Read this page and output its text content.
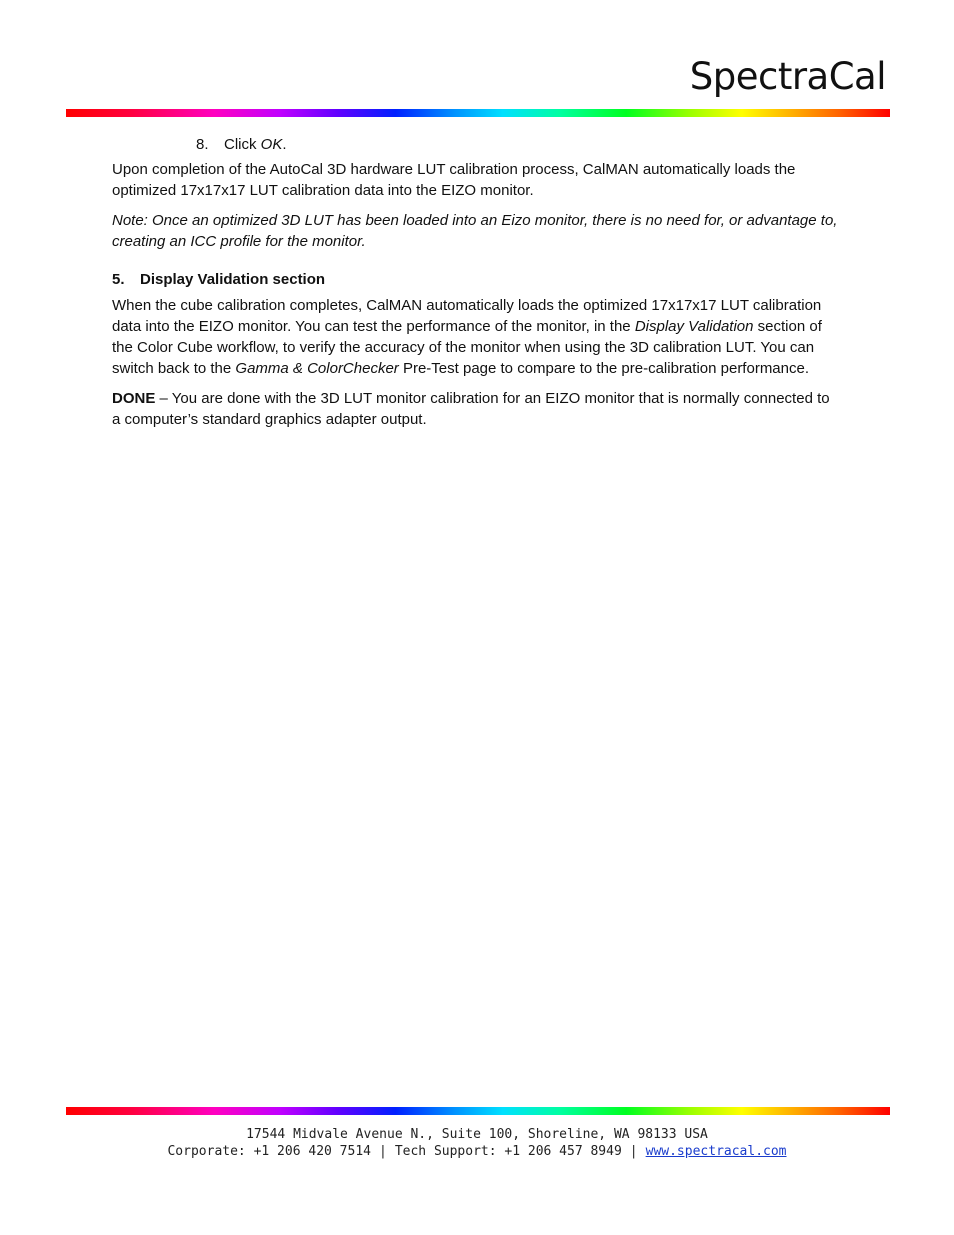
SpectraCal

8. Click OK.

Upon completion of the AutoCal 3D hardware LUT calibration process, CalMAN automatically loads the optimized 17x17x17 LUT calibration data into the EIZO monitor.

Note: Once an optimized 3D LUT has been loaded into an Eizo monitor, there is no need for, or advantage to, creating an ICC profile for the monitor.

5. Display Validation section

When the cube calibration completes, CalMAN automatically loads the optimized 17x17x17 LUT calibration data into the EIZO monitor. You can test the performance of the monitor, in the Display Validation section of the Color Cube workflow, to verify the accuracy of the monitor when using the 3D calibration LUT. You can switch back to the Gamma & ColorChecker Pre-Test page to compare to the pre-calibration performance.

DONE – You are done with the 3D LUT monitor calibration for an EIZO monitor that is normally connected to a computer’s standard graphics adapter output.

17544 Midvale Avenue N., Suite 100, Shoreline, WA 98133 USA
Corporate: +1 206 420 7514 | Tech Support: +1 206 457 8949 | www.spectracal.com
